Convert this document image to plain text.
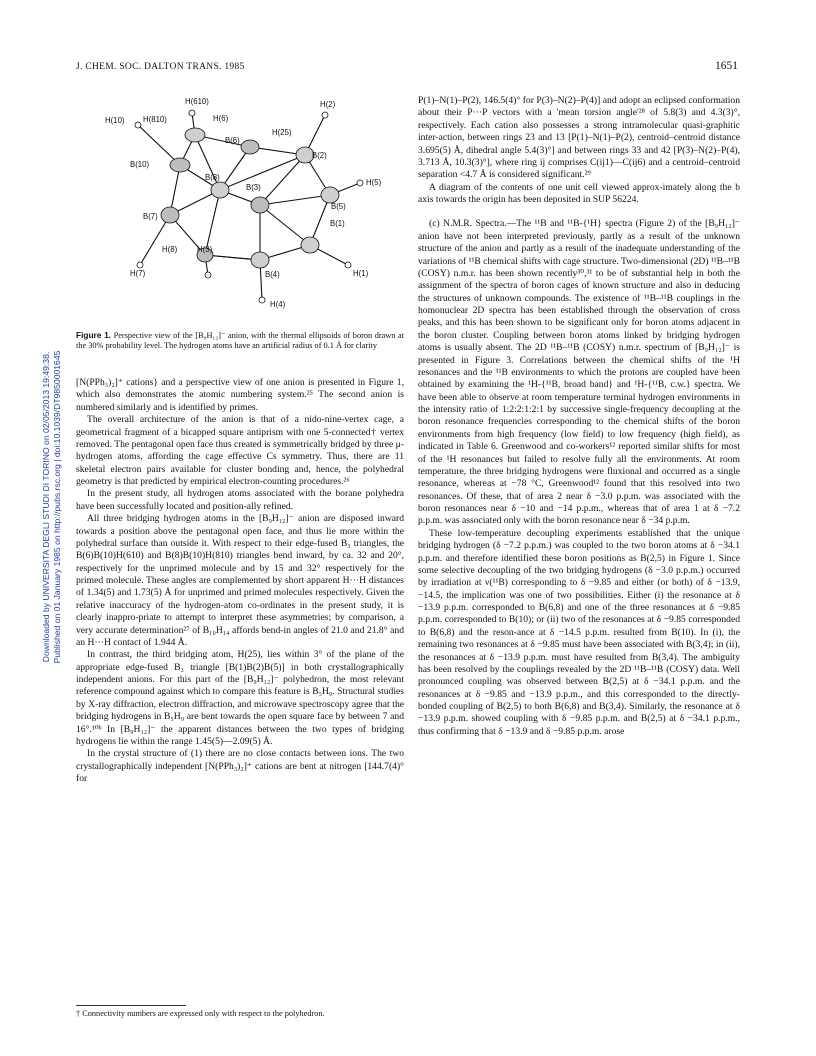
J. CHEM. SOC. DALTON TRANS. 1985	1651
Downloaded by UNIVERSITA DEGLI STUDI DI TORINO on 02/05/2013 19:49:38. Published on 01 January 1985 on http://pubs.rsc.org | doi:10.1039/DT9850001645
H(610)	H(2)
H(10) H(810)	H(6)
H(25)
B(6)
B(2)
B(10)
H(5)
B(3)
B(8)
B(5)
B(7)
B(1)
H(8)	H(3)
H(7)	B(4)	H(1)
H(4)
Figure 1. Perspective view of the [B₉H₁₂]⁻ anion, with the thermal ellipsoids of boron drawn at the 30% probability level. The hydrogen atoms have an artificial radius of 0.1 Å for clarity

[N(PPh₃)₂]⁺ cations} and a perspective view of one anion is presented in Figure 1, which also demonstrates the atomic numbering system.²⁵ The second anion is numbered similarly and is identified by primes.

The overall architecture of the anion is that of a nido-nine-vertex cage, a geometrical fragment of a bicapped square antiprism with one 5-connected† vertex removed. The pentagonal open face thus created is symmetrically bridged by three μ-hydrogen atoms, affording the cage effective Cs symmetry. Thus, there are 11 skeletal electron pairs available for cluster bonding and, hence, the polyhedral geometry is that predicted by empirical electron-counting procedures.²⁶

In the present study, all hydrogen atoms associated with the borane polyhedra have been successfully located and position-ally refined.

All three bridging hydrogen atoms in the [B₉H₁₂]⁻ anion are disposed inward towards a position above the pentagonal open face, and thus lie more within the polyhedral surface than outside it. With respect to their edge-fused B₃ triangles, the B(6)B(10)H(610) and B(8)B(10)H(810) triangles bend inward, by ca. 32 and 20°, respectively for the unprimed molecule and by 15 and 32° respectively for the primed molecule. These angles are complemented by short apparent H···H distances of 1.34(5) and 1.73(5) Å for unprimed and primed molecules respectively. Given the relative inaccuracy of the hydrogen-atom co-ordinates in the present study, it is clearly inappro-priate to attempt to interpret these asymmetries; by comparison, a very accurate determination²⁷ of B₁₀H₁₄ affords bend-in angles of 21.0 and 21.8° and an H···H contact of 1.944 Å.

In contrast, the third bridging atom, H(25), lies within 3° of the plane of the appropriate edge-fused B₃ triangle [B(1)B(2)B(5)] in both crystallographically independent anions. For this part of the [B₉H₁₂]⁻ polyhedron, the most relevant reference compound against which to compare this feature is B₅H₉. Structural studies by X-ray diffraction, electron diffraction, and microwave spectroscopy agree that the bridging hydrogens in B₅H₉ are bent towards the open square face by between 7 and 16°.¹⁰ᵇ In [B₉H₁₂]⁻ the apparent distances between the two types of bridging hydrogens lie within the range 1.45(5)—2.09(5) Å.

In the crystal structure of (1) there are no close contacts between ions. The two crystallographically independent [N(PPh₃)₂]⁺ cations are bent at nitrogen [144.7(4)° for

† Connectivity numbers are expressed only with respect to the polyhedron.

P(1)–N(1)–P(2), 146.5(4)° for P(3)–N(2)–P(4)] and adopt an eclipsed conformation about their P···P vectors with a 'mean torsion angle'²⁸ of 5.8(3) and 4.3(3)°, respectively. Each cation also possesses a strong intramolecular quasi-graphitic inter-action, between rings 23 and 13 [P(1)–N(1)–P(2), centroid–centroid distance 3.695(5) Å, dihedral angle 5.4(3)°] and between rings 33 and 42 [P(3)–N(2)–P(4), 3.713 Å, 10.3(3)°], where ring ij comprises C(ij1)—C(ij6) and a centroid–centroid separation <4.7 Å is considered significant.²⁹

A diagram of the contents of one unit cell viewed approx-imately along the b axis towards the origin has been deposited in SUP 56224.

(c) N.M.R. Spectra.—The ¹¹B and ¹¹B-{¹H} spectra (Figure 2) of the [B₉H₁₂]⁻ anion have not been interpreted previously, partly as a result of the unknown structure of the anion and partly as a result of the inadequate understanding of the variations of ¹¹B chemical shifts with cage structure. Two-dimensional (2D) ¹¹B–¹¹B (COSY) n.m.r. has been shown recently³⁰,³¹ to be of substantial help in both the assignment of the spectra of boron cages of known structure and also in deducing the structures of unknown compounds. The existence of ¹¹B–¹¹B couplings in the homonuclear 2D spectra has been established through the observation of cross peaks, and this has been shown to be significant only for boron atoms adjacent in the boron cluster. Coupling between boron atoms linked by bridging hydrogen atoms is usually absent. The 2D ¹¹B–¹¹B (COSY) n.m.r. spectrum of [B₉H₁₂]⁻ is presented in Figure 3. Correlations between the chemical shifts of the ¹H resonances and the ¹¹B environments to which the protons are coupled have been obtained by examining the ¹H-{¹¹B, broad band} and ¹H-{¹¹B, c.w.} spectra. We have been able to observe at room temperature terminal hydrogen environments in the intensity ratio of 1:2:2:1:2:1 by successive single-frequency decoupling at the boron resonance frequencies corresponding to the chemical shifts of the boron environments from high frequency (low field) to low frequency (high field), as indicated in Table 6. Greenwood and co-workers¹² reported similar shifts for most of the ¹H resonances but failed to resolve fully all the environments. At room temperature, the three bridging hydrogens were fluxional and occurred as a single resonance, whereas at −78 °C, Greenwood¹² found that this resolved into two resonances. Of these, that of area 2 near δ −3.0 p.p.m. was associated with the boron resonances near δ −10 and −14 p.p.m., whereas that of area 1 at δ −7.2 p.p.m. was associated only with the boron resonance near δ −34 p.p.m.

These low-temperature decoupling experiments established that the unique bridging hydrogen (δ −7.2 p.p.m.) was coupled to the two boron atoms at δ −34.1 p.p.m. and therefore identified these boron positions as B(2,5) in Figure 1. Since some selective decoupling of the two bridging hydrogens (δ −3.0 p.p.m.) occurred by irradiation at ν(¹¹B) corresponding to δ −9.85 and either (or both) of δ −13.9, −14.5, the implication was one of two possibilities. Either (i) the resonance at δ −13.9 p.p.m. corresponded to B(6,8) and one of the three resonances at δ −9.85 p.p.m. corresponded to B(10); or (ii) two of the resonances at δ −9.85 corresponded to B(6,8) and the reson-ance at δ −14.5 p.p.m. resulted from B(10). In (i), the remaining two resonances at δ −9.85 must have been associated with B(3,4); in (ii), the resonances at δ −13.9 p.p.m. must have resulted from B(3,4). The ambiguity has been resolved by the couplings revealed by the 2D ¹¹B–¹¹B (COSY) data. Well pronounced coupling was observed between B(2,5) at δ −34.1 p.p.m. and the resonances at δ −9.85 and −13.9 p.p.m., and this corresponded to the directly-bonded coupling of B(2,5) to both B(6,8) and B(3,4). Similarly, the resonance at δ −13.9 p.p.m. showed coupling with δ −9.85 p.p.m. and B(2,5) at δ −34.1 p.p.m., thus confirming that δ −13.9 and δ −9.85 p.p.m. arose
